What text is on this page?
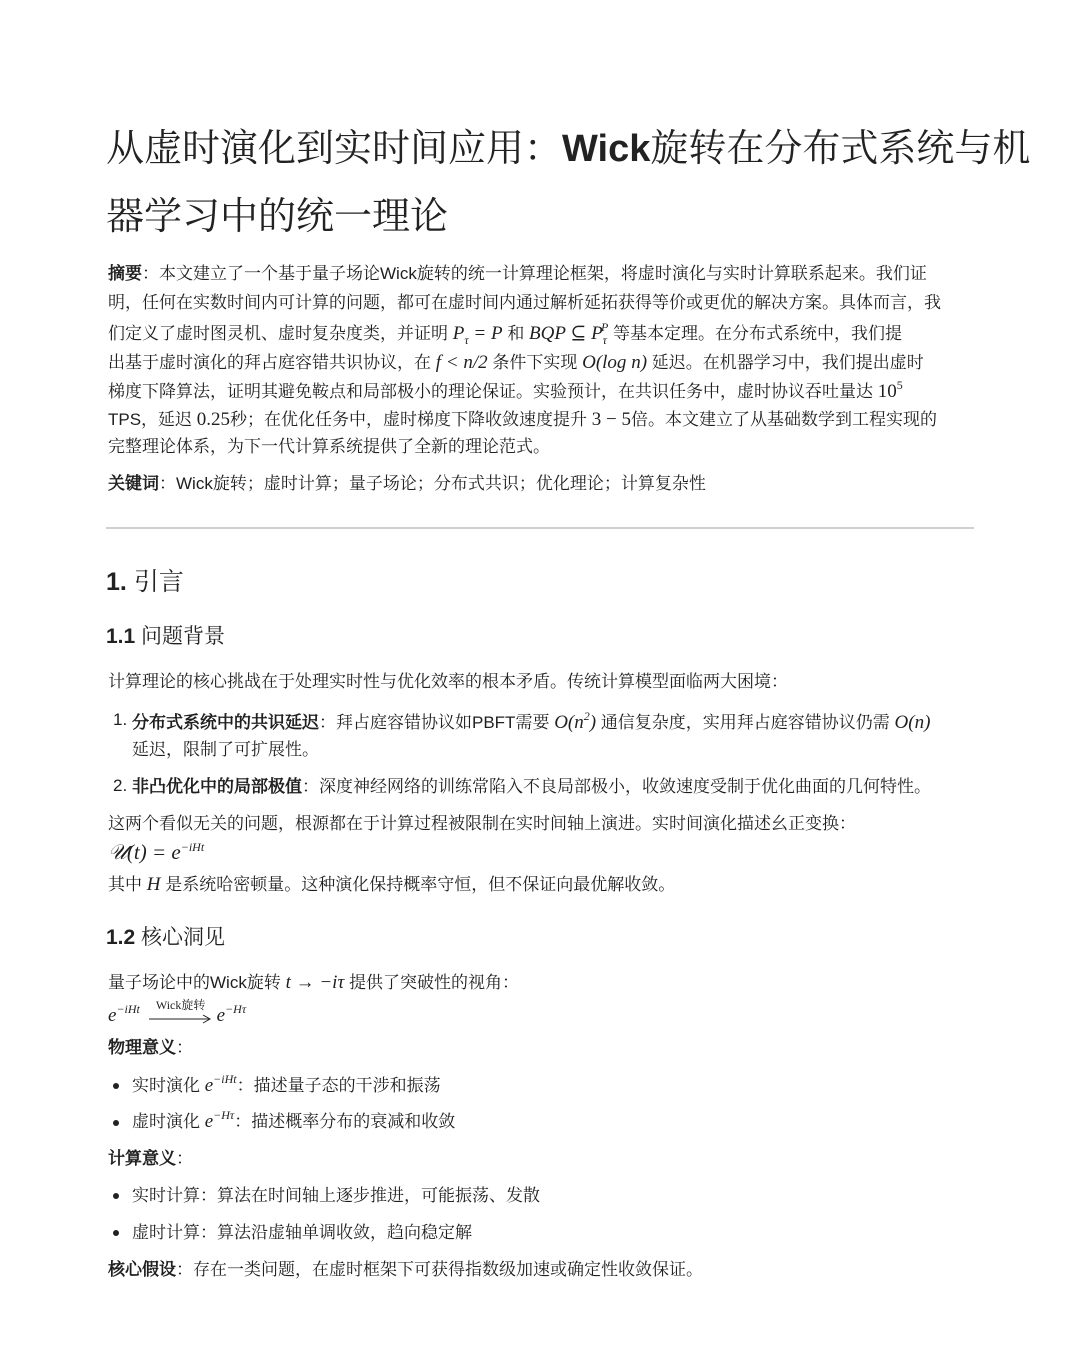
从虚时演化到实时间应用：Wick旋转在分布式系统与机
器学习中的统一理论
摘要：本文建立了一个基于量子场论Wick旋转的统一计算理论框架，将虚时演化与实时计算联系起来。我们证
明，任何在实数时间内可计算的问题，都可在虚时间内通过解析延拓获得等价或更优的解决方案。具体而言，我
们定义了虚时图灵机、虚时复杂度类，并证明 $P_\tau = P$ 和 BQP ⊆ $P_\tau^P$ 等基本定理。在分布式系统中，我们提
出基于虚时演化的拜占庭容错共识协议，在 f < n/2 条件下实现 O(log n) 延迟。在机器学习中，我们提出虚时
梯度下降算法，证明其避免鞍点和局部极小的理论保证。实验预计，在共识任务中，虚时协议吞吐量达 $10^5$
TPS，延迟 0.25秒；在优化任务中，虚时梯度下降收敛速度提升 3 − 5倍。本文建立了从基础数学到工程实现的
完整理论体系，为下一代计算系统提供了全新的理论范式。
关键词：Wick旋转；虚时计算；量子场论；分布式共识；优化理论；计算复杂性
1. 引言
1.1 问题背景
计算理论的核心挑战在于处理实时性与优化效率的根本矛盾。传统计算模型面临两大困境：
1. 分布式系统中的共识延迟：拜占庭容错协议如PBFT需要 $O(n^2)$ 通信复杂度，实用拜占庭容错协议仍需 O(n)
延迟，限制了可扩展性。
2. 非凸优化中的局部极值：深度神经网络的训练常陷入不良局部极小，收敛速度受制于优化曲面的几何特性。
这两个看似无关的问题，根源都在于计算过程被限制在实时间轴上演进。实时间演化描述幺正变换：
𝒰(t) = $e^{-iHt}$
其中 H 是系统哈密顿量。这种演化保持概率守恒，但不保证向最优解收敛。
1.2 核心洞见
量子场论中的Wick旋转 t → −iτ 提供了突破性的视角：
$e^{-iHt}$	Wick旋转
$e^{-H\tau}$
物理意义：
实时演化 $e^{-iHt}$：描述量子态的干涉和振荡
虚时演化 $e^{-H\tau}$：描述概率分布的衰减和收敛
计算意义：
实时计算：算法在时间轴上逐步推进，可能振荡、发散
虚时计算：算法沿虚轴单调收敛，趋向稳定解
核心假设：存在一类问题，在虚时框架下可获得指数级加速或确定性收敛保证。
